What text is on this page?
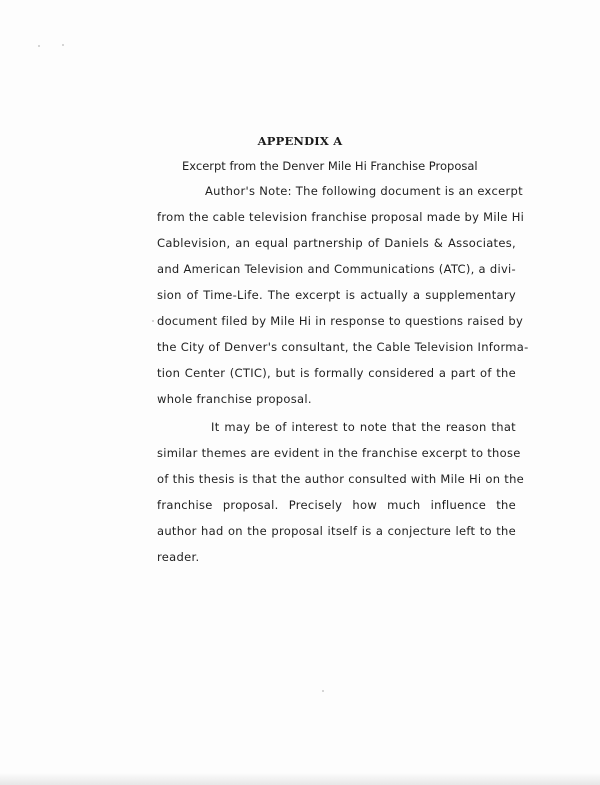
APPENDIX A
Excerpt from the Denver Mile Hi Franchise Proposal
Author's Note: The following document is an excerpt
from the cable television franchise proposal made by Mile Hi
Cablevision, an equal partnership of Daniels & Associates,
and American Television and Communications (ATC), a divi-
sion of Time-Life. The excerpt is actually a supplementary
document filed by Mile Hi in response to questions raised by
the City of Denver's consultant, the Cable Television Informa-
tion Center (CTIC), but is formally considered a part of the
whole franchise proposal.
It may be of interest to note that the reason that
similar themes are evident in the franchise excerpt to those
of this thesis is that the author consulted with Mile Hi on the
franchise proposal. Precisely how much influence the
author had on the proposal itself is a conjecture left to the
reader.
